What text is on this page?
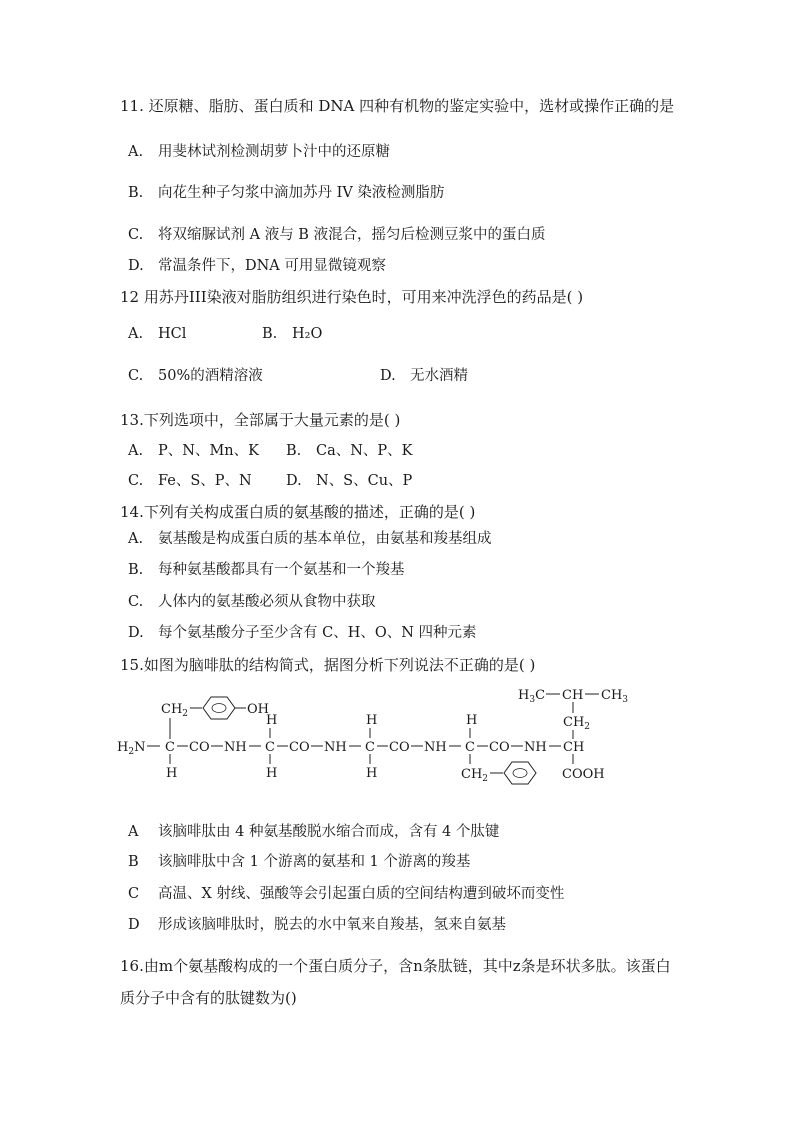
11. 还原糖、脂肪、蛋白质和 DNA 四种有机物的鉴定实验中，选材或操作正确的是
A. 用斐林试剂检测胡萝卜汁中的还原糖
B. 向花生种子匀浆中滴加苏丹 IV 染液检测脂肪
C. 将双缩脲试剂 A 液与 B 液混合，摇匀后检测豆浆中的蛋白质
D. 常温条件下，DNA 可用显微镜观察
12 用苏丹III染液对脂肪组织进行染色时，可用来冲洗浮色的药品是( )
A. HCl	B. H₂O
C. 50%的酒精溶液	D. 无水酒精
13.下列选项中，全部属于大量元素的是( )
A. P、N、Mn、K B. Ca、N、P、K
C. Fe、S、P、N D. N、S、Cu、P
14.下列有关构成蛋白质的氨基酸的描述，正确的是( )
A. 氨基酸是构成蛋白质的基本单位，由氨基和羧基组成
B. 每种氨基酸都具有一个氨基和一个羧基
C. 人体内的氨基酸必须从食物中获取
D. 每个氨基酸分子至少含有 C、H、O、N 四种元素
15.如图为脑啡肽的结构简式，据图分析下列说法不正确的是( )
$H_3C$ CH $CH_3$
$CH_2$
$CH_2$	OH
$H_2N$ C CO NH C CO NH C CO NH C CO NH CH
H	H	H
H	H	H	$CH_2$	COOH
A 该脑啡肽由 4 种氨基酸脱水缩合而成，含有 4 个肽键
B 该脑啡肽中含 1 个游离的氨基和 1 个游离的羧基
C 高温、X 射线、强酸等会引起蛋白质的空间结构遭到破坏而变性
D 形成该脑啡肽时，脱去的水中氧来自羧基，氢来自氨基
16.由m个氨基酸构成的一个蛋白质分子，含n条肽链，其中z条是环状多肽。该蛋白质分子中含有的肽键数为()
